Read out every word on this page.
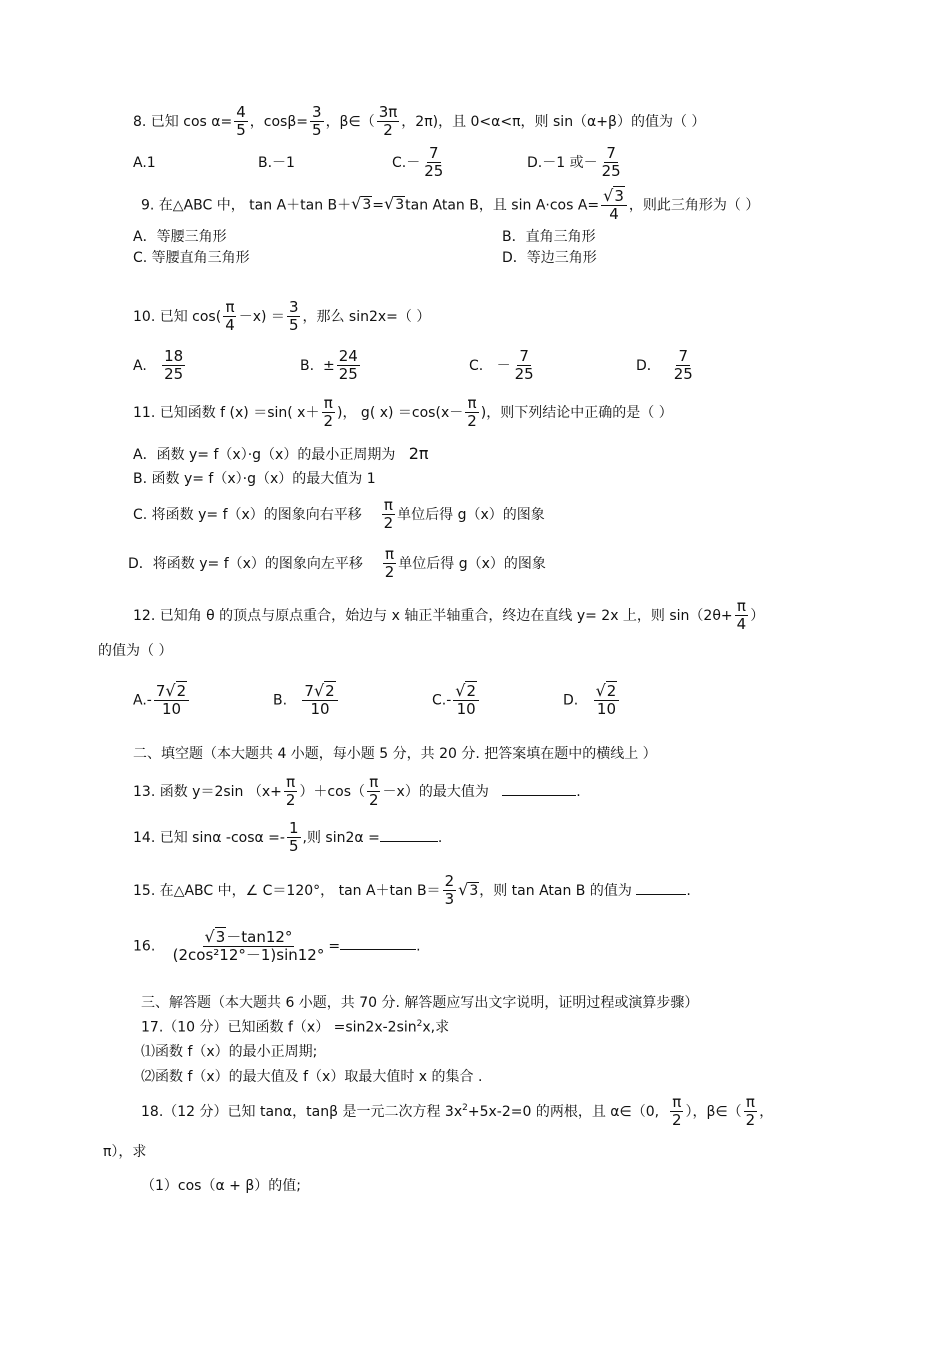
8. 已知 $\cos \alpha= \frac{4}{5}$ ，$\cos\beta= \frac{3}{5}$ ，β∈（ $\frac{3\pi}{2}$ ，2π)，且 0<α<π，则 sin（α+β）的值为（ ）
A.1	B.－1	$C.- \frac{7}{25}$	D.－1 或－ $\frac{7}{25}$
9. 在△ABC 中， tan A＋tan B＋√3=√3tan Atan B，且 sin A·cos $A= \frac{√3}{4}$ ，则此三角形为（ ）
A．等腰三角形	B．直角三角形
C. 等腰直角三角形	D．等边三角形
10. 已知 $\cos( \frac{\pi}{4} -x) = \frac{3}{5}$ ，那么 sin2x=（ ）
A. $\frac{18}{25}$	B. ± $\frac{24}{25}$	C. － $\frac{7}{25}$	D． $\frac{7}{25}$
11. 已知函数 f (x) ＝sin( $x+ \frac{\pi}{2}$ )， g( $x) =\cos(x- \frac{\pi}{2}$ )，则下列结论中正确的是（ ）
A．函数 y= f（x）·g（x）的最小正周期为 2π
B. 函数 y= f（x）·g（x）的最大值为 1
C. 将函数 y= f（x）的图象向右平移 $\frac{\pi}{2}$ 单位后得 g（x）的图象
D．将函数 y= f（x）的图象向左平移 $\frac{\pi}{2}$ 单位后得 g（x）的图象
12. 已知角 θ 的顶点与原点重合，始边与 x 轴正半轴重合，终边在直线 y= 2x 上，则 $\sin(2\theta+ \frac{\pi}{4}$ ）
的值为（ ）
$A.- \frac{7√2}{10}$	B. $\frac{7√2}{10}$	$C.- \frac{√2}{10}$	D. $\frac{√2}{10}$
二、填空题（本大题共 4 小题，每小题 5 分，共 20 分. 把答案填在题中的横线上 ）
13. 函数 y＝2sin $(x+ \frac{\pi}{2} )+\cos( \frac{\pi}{2} -x)$的最大值为	.
14. 已知 sinα $-\cos\alpha =- \frac{1}{5}$ ,则 sin2α =	.
15. 在△ABC 中，∠ C＝120°， tan A＋tan $B= \frac{2}{3} √3$，则 tan Atan B 的值为	.
16. $\frac{√3-\tan 12^\circ}{\text{(2cos²12°－1)sin12°}}$ =	.
三、解答题（本大题共 6 小题，共 70 分. 解答题应写出文字说明，证明过程或演算步骤）
17.（10 分）已知函数 $f(x) =\sin 2x-2\sin^2x$,求
⑴函数 f（x）的最小正周期;
⑵函数 f（x）的最大值及 f（x）取最大值时 x 的集合 .
18.（12 分）已知 tanα，tanβ 是一元二次方程 $3x^2+5x-2=0$ 的两根，且 α∈（0, $\frac{\pi}{2}$ ），β∈（ $\frac{\pi}{2}$ ，
π），求
（1）cos（α + β）的值;
